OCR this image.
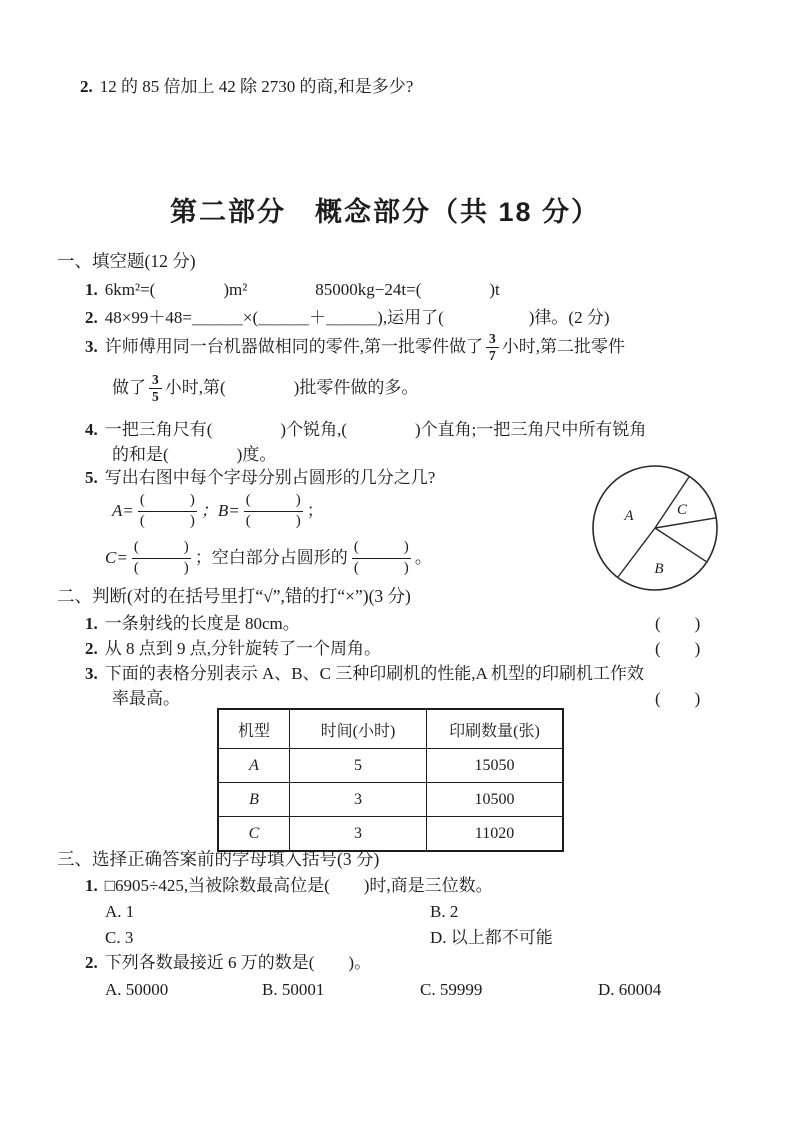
2. 12 的 85 倍加上 42 除 2730 的商,和是多少?
第二部分　概念部分（共 18 分）
一、填空题(12 分)
1. 6km²=(　　　　)m²　　　　85000kg−24t=(　　　　)t
2. 48×99＋48=＿＿＿×(＿＿＿＋＿＿＿),运用了(　　　　　)律。(2 分)
3. 许师傅用同一台机器做相同的零件,第一批零件做了 $\frac{3}{7}$ 小时,第二批零件
做了 $\frac{3}{5}$ 小时,第(　　　　)批零件做的多。
4. 一把三角尺有(　　　　)个锐角,(　　　　)个直角;一把三角尺中所有锐角
的和是(　　　　)度。
5. 写出右图中每个字母分别占圆形的几分之几?
A=
(　　　)
(　　　)
；B=
(　　　)
(　　　)
；
C=
(　　　)
(　　　)
；空白部分占圆形的
(　　　)
(　　　)
。
A	C
B
二、判断(对的在括号里打“√”,错的打“×”)(3 分)
1. 一条射线的长度是 80cm。	(　　)
2. 从 8 点到 9 点,分针旋转了一个周角。	(　　)
3. 下面的表格分别表示 A、B、C 三种印刷机的性能,A 机型的印刷机工作效
率最高。	(　　)
机型	时间(小时)	印刷数量(张)
A	5	15050
B	3	10500
C	3	11020
三、选择正确答案前的字母填入括号(3 分)
1. □6905÷425,当被除数最高位是(　　)时,商是三位数。
A. 1	B. 2
C. 3	D. 以上都不可能
2. 下列各数最接近 6 万的数是(　　)。
A. 50000	B. 50001	C. 59999	D. 60004
